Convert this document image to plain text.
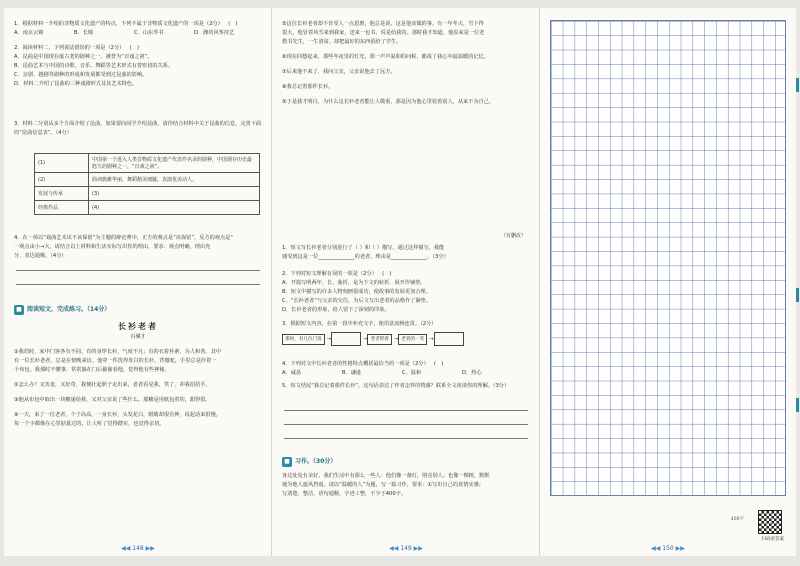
1．根据材料一介绍的非物质文化遗产的特点，下列不属于非物质文化遗产的一项是（2分） (　)
A．南京云锦	B．长城	C．山东琴书	D．潍坊风筝技艺
2．阅读材料二，下列说法错误的一项是（2分） (　)
A．昆曲是中国现存最古老的剧种之一，被誉为“百戏之祖”。
B．昆曲艺术与中国的诗歌、音乐、舞蹈等艺术形式有着密切的关系。
C．京剧、越剧等剧种的形成和发展都受到过昆曲的影响。
D．材料二介绍了昆曲的三种戏剧形式及其艺术特色。
3．材料二分别从多个方面介绍了昆曲，如果要向同学介绍昆曲，请你结合材料中关于昆曲的信息，完善下面的“昆曲信息表”。（4分）
(1)	中国第一个进入人类非物质文化遗产代表作名录的剧种，中国现存历史最悠久的剧种之一，“百戏之祖”。
(2)	曲词典雅华丽，舞蹈精美细腻，表演优美动人。
发展与传承	(3)
经典作品	(4)
4．在一场以“戏曲艺术该不该保留”为主题的辩论赛中，正方的观点是“该保留”，反方的观点是“
一观点由小→大，请结合以上材料和生活实际写出你的理由，要求：观点明确，理由充
分，表达通顺。（4分）
■ 阅读短文，完成练习。（14分）
长衫老者
冯骥才
①我幼时，家中门客各有不同。有的身穿长衫，气度不凡；有的衣着朴素，为人和善。其中
有一位长衫老者，总是在傍晚来访。他穿一件洗得发白的长衫，背微驼，手里总是拎着一
个布包。我那时不懂事，常常躲在门后偷偷看他，觉得他有些神秘。
②怎么办？又害羞，又好奇，我便壮起胆子走出来，老者看见我，笑了，冲我招招手。
③他从布包中取出一块糖递给我，又对父亲说了些什么。那糖是用纸包着的，甜得很。
④一天，来了一位老者，个子高高，一身长衫，头发花白，眼睛却很有神，说起话来很慢，
每一个字都像在心里掂量过的，让人听了觉得踏实，也觉得亲切。
◀◀ 148 ▶▶
⑤这位长衫老者却不肯受人一点恩惠，他总是说，这是他该做的事。有一年冬天，雪下得
很大，他冒着风雪来到我家，送来一包书，说是给我的。那时我才知道，他原来是一位老
教书先生，一生清贫，却把最好的东西留给了学生。
⑥现在回想起来，那些冬夜里的灯光，那一声声温和的问候，都成了我心中最温暖的记忆。
⑦后来他不来了，我问父亲，父亲说他去了远方。
⑧我总记着那件长衫。
⑨于是我才明白，为什么这长衫老者能让人敬重，那是因为他心里装着别人，从来不为自己。
（有删改）
1．短文写长衫老者分别进行了（ ）和（ ）描写，通过这样描写，我能
感受到这是一位______________的老者，理由是______________。（3分）
2．下列对短文理解有误的一项是（2分） (　)
A．开篇写明两年、长、曲折，是为下文的转折、展开作铺垫。
B．短文中描写的许多人物刻画很成功，使故事的发展更加合理。
C．“长衫老者”与父亲的交往，为后文写出老者的品格作了铺垫。
D．长衫老者的形象，给人留下了深刻的印象。
3．根据短文内容，在第一段中补充文字，使语意流畅连贯。（2分）
那时，有几位门客 →	→ 老者带着 → 老者的一笑 →
4．下列对文中长衫老者的性格特点概括最恰当的一项是（2分） (　)
A．诚恳	B．谦逊	C．温和	D．热心
5．短文结尾“我总记着那件长衫”，这句话表达了作者怎样的情感？联系全文谈谈你的理解。（3分）
■ 习作。（30分）
身边处处有美好，我们生活中有那么一些人：他们像一盏灯，照亮别人；也像一棵树，默默
地为他人遮风挡雨。请以“温暖的人”为题，写一篇习作，要求：①写出自己的真情实感；
写清楚，整洁，语句通顺，字迹工整，不少于400字。
◀◀ 149 ▶▶
400字
扫码看答案
◀◀ 150 ▶▶
